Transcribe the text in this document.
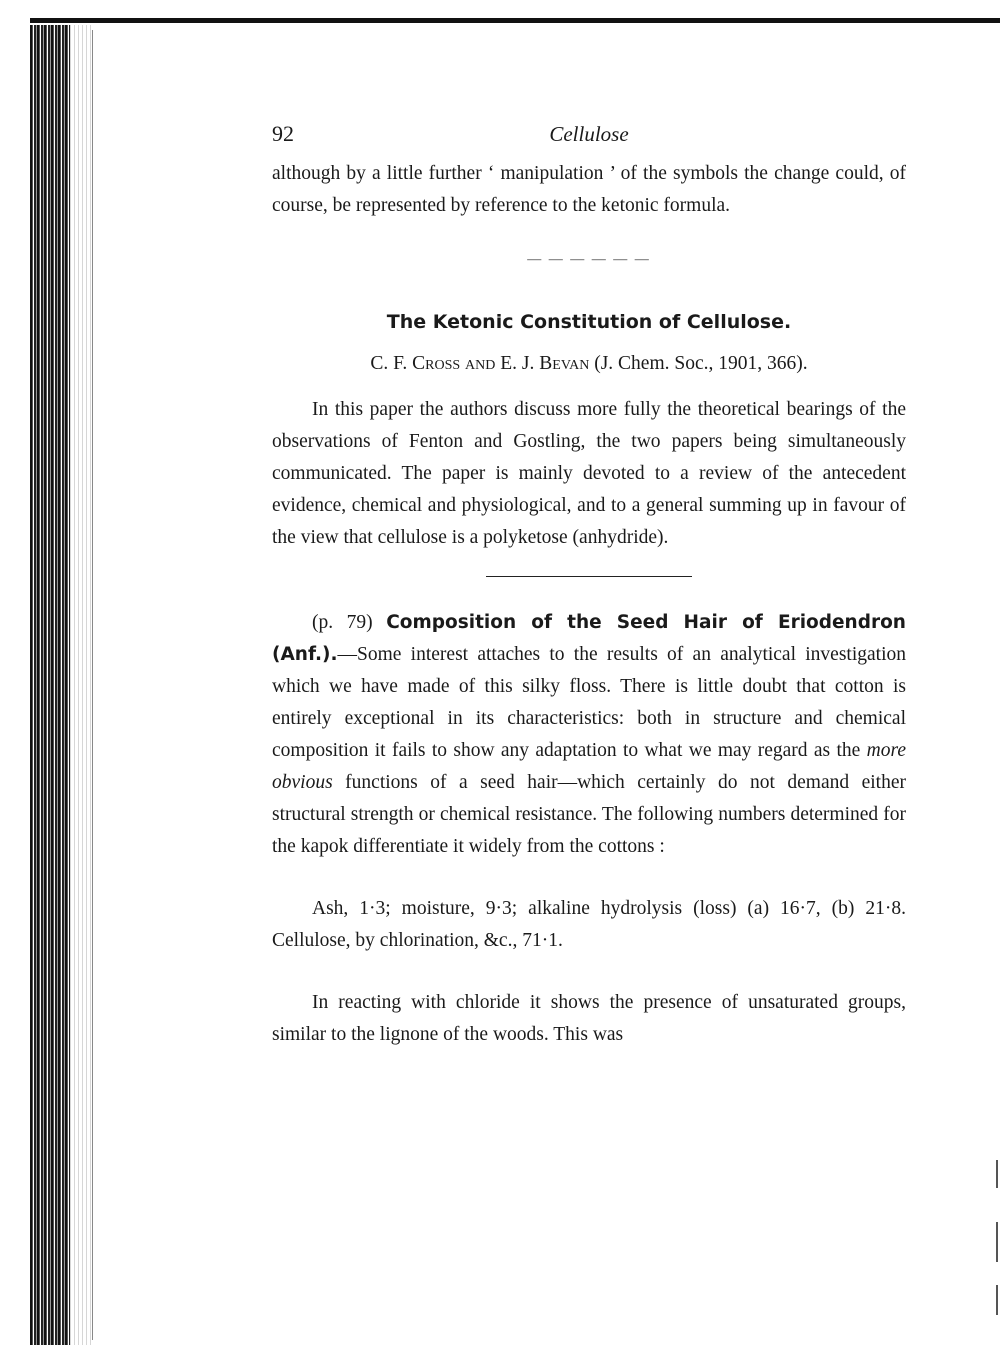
92	Cellulose

although by a little further ‘ manipulation ’ of the symbols the change could, of course, be represented by reference to the ketonic formula.

— — — — — —
The Ketonic Constitution of Cellulose.
C. F. Cross and E. J. Bevan (J. Chem. Soc., 1901, 366).

In this paper the authors discuss more fully the theoretical bearings of the observations of Fenton and Gostling, the two papers being simultaneously communicated. The paper is mainly devoted to a review of the antecedent evidence, chemical and physiological, and to a general summing up in favour of the view that cellulose is a polyketose (anhydride).

(p. 79) Composition of the Seed Hair of Eriodendron (Anf.).—Some interest attaches to the results of an analytical investigation which we have made of this silky floss. There is little doubt that cotton is entirely exceptional in its characteristics: both in structure and chemical composition it fails to show any adaptation to what we may regard as the more obvious functions of a seed hair—which certainly do not demand either structural strength or chemical resistance. The following numbers determined for the kapok differentiate it widely from the cottons :

Ash, 1·3; moisture, 9·3; alkaline hydrolysis (loss) (a) 16·7, (b) 21·8. Cellulose, by chlorination, &c., 71·1.

In reacting with chloride it shows the presence of unsaturated groups, similar to the lignone of the woods. This was
